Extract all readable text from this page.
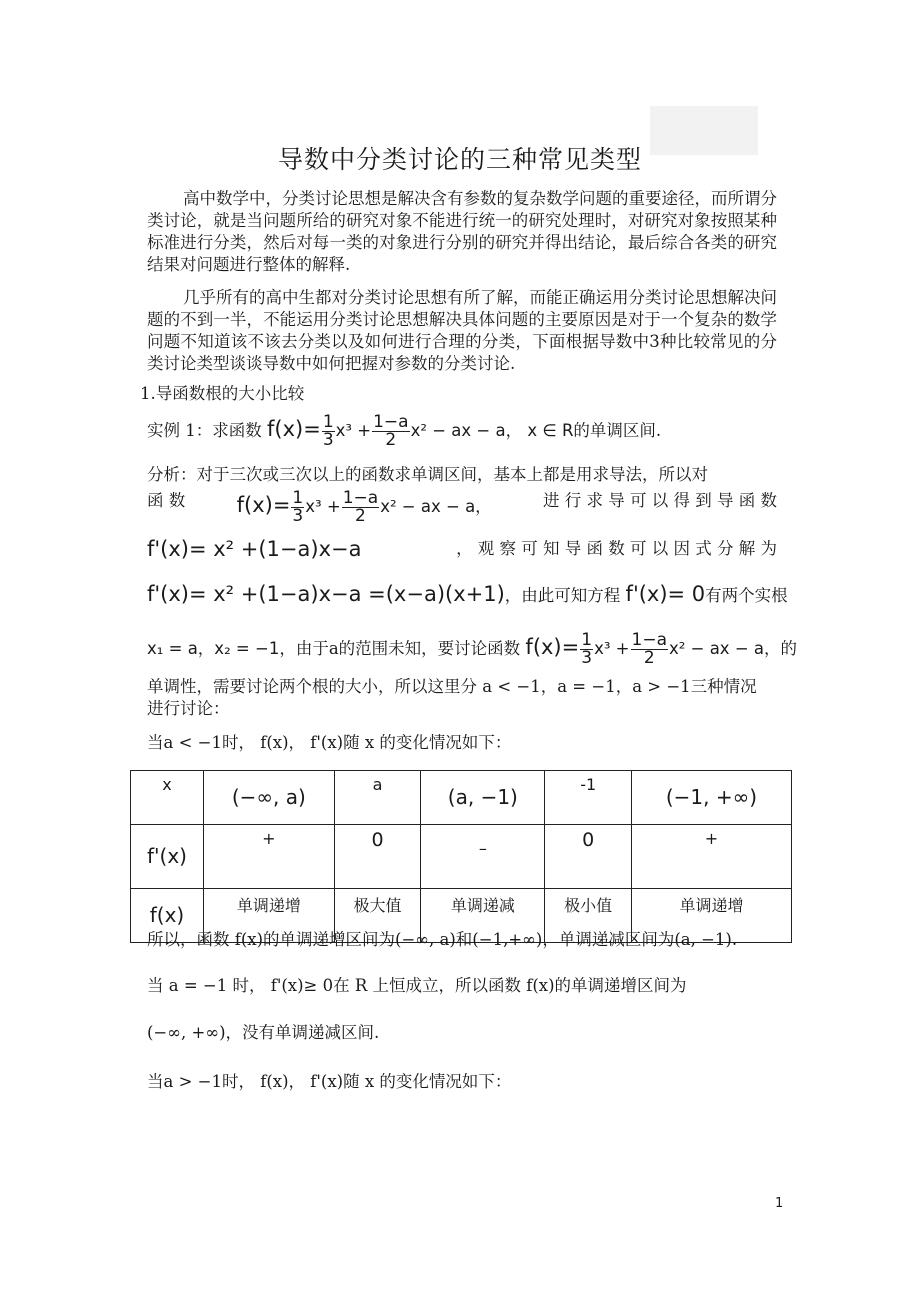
导数中分类讨论的三种常见类型
高中数学中，分类讨论思想是解决含有参数的复杂数学问题的重要途径，而所谓分类讨论，就是当问题所给的研究对象不能进行统一的研究处理时，对研究对象按照某种标准进行分类，然后对每一类的对象进行分别的研究并得出结论，最后综合各类的研究结果对问题进行整体的解释.
几乎所有的高中生都对分类讨论思想有所了解，而能正确运用分类讨论思想解决问题的不到一半，不能运用分类讨论思想解决具体问题的主要原因是对于一个复杂的数学问题不知道该不该去分类以及如何进行合理的分类，下面根据导数中3种比较常见的分类讨论类型谈谈导数中如何把握对参数的分类讨论.
1.导函数根的大小比较
实例 1：求函数 $f(x)= \frac{1}{3} x^3 + \frac{1-a}{2} x^2$ − ax − a， x ∈ R的单调区间.
分析：对于三次或三次以上的函数求单调区间，基本上都是用求导法，所以对
函 数 $f(x)= \frac{1}{3} x^3 + \frac{1-a}{2} x^2$ − ax − a，	进 行 求 导 可 以 得 到 导 函 数
f'(x)= x² +(1−a)x−a	， 观 察 可 知 导 函 数 可 以 因 式 分 解 为
f'(x)= x² +(1−a)x−a =(x−a)(x+1)，由此可知方程 f'(x)= 0有两个实根
x₁ = a，x₂ = −1，由于a的范围未知，要讨论函数 $f(x)= \frac{1}{3} x^3 + \frac{1-a}{2} x^2$ − ax − a，的
单调性，需要讨论两个根的大小，所以这里分 a < −1，a = −1，a > −1三种情况
进行讨论：
当a < −1时， f(x)， f'(x)随 x 的变化情况如下：
x	(−∞, a)	a	(a, −1)	-1	(−1, +∞)
f'(x)	+	0	–	0	+
f(x)	单调递增	极大值	单调递减	极小值	单调递增
所以，函数 f(x)的单调递增区间为(−∞, a)和(−1,+∞)，单调递减区间为(a, −1).
当 a = −1 时， f'(x)≥ 0在 R 上恒成立，所以函数 f(x)的单调递增区间为
(−∞, +∞)，没有单调递减区间.
当a > −1时， f(x)， f'(x)随 x 的变化情况如下：
1
